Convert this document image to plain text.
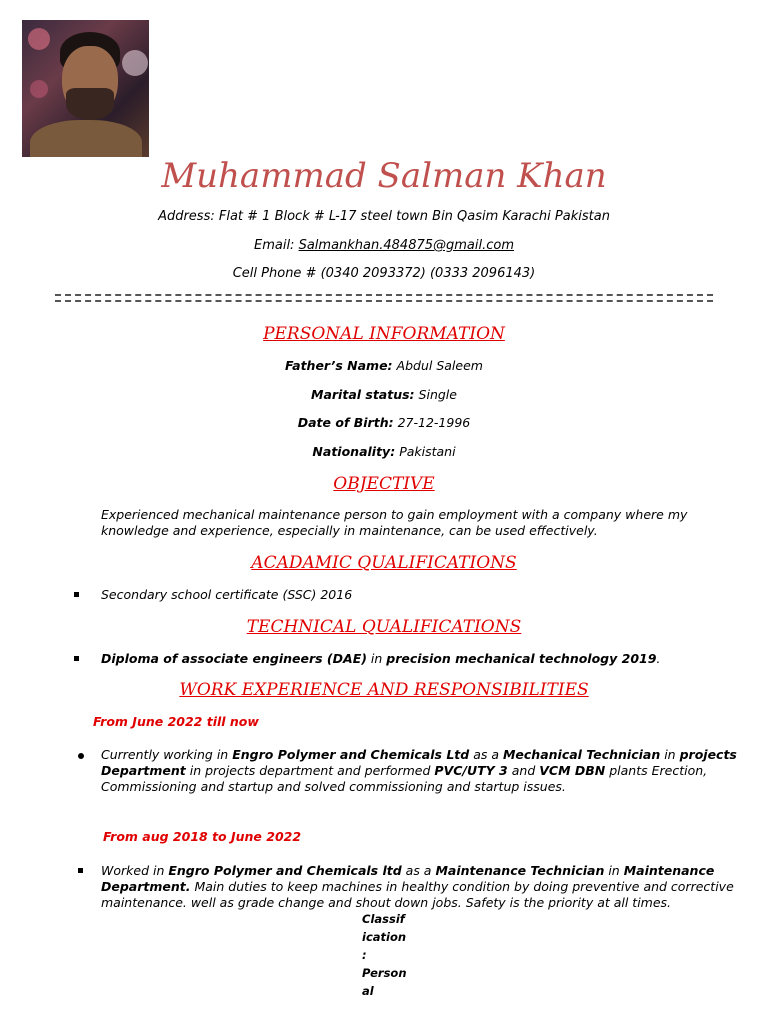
Muhammad Salman Khan
Address: Flat # 1 Block # L-17 steel town Bin Qasim Karachi Pakistan
Email: Salmankhan.484875@gmail.com
Cell Phone # (0340 2093372) (0333 2096143)
PERSONAL INFORMATION
Father’s Name: Abdul Saleem
Marital status: Single
Date of Birth: 27-12-1996
Nationality: Pakistani
OBJECTIVE
Experienced mechanical maintenance person to gain employment with a company where my
knowledge and experience, especially in maintenance, can be used effectively.
ACADAMIC QUALIFICATIONS
Secondary school certificate (SSC) 2016
TECHNICAL QUALIFICATIONS
Diploma of associate engineers (DAE) in precision mechanical technology 2019.
WORK EXPERIENCE AND RESPONSIBILITIES
From June 2022 till now
Currently working in Engro Polymer and Chemicals Ltd as a Mechanical Technician in projects
Department in projects department and performed PVC/UTY 3 and VCM DBN plants Erection,
Commissioning and startup and solved commissioning and startup issues.
From aug 2018 to June 2022
Worked in Engro Polymer and Chemicals ltd as a Maintenance Technician in Maintenance
Department. Main duties to keep machines in healthy condition by doing preventive and corrective
maintenance. well as grade change and shout down jobs. Safety is the priority at all times.
Classif
ication
:
Person
al
